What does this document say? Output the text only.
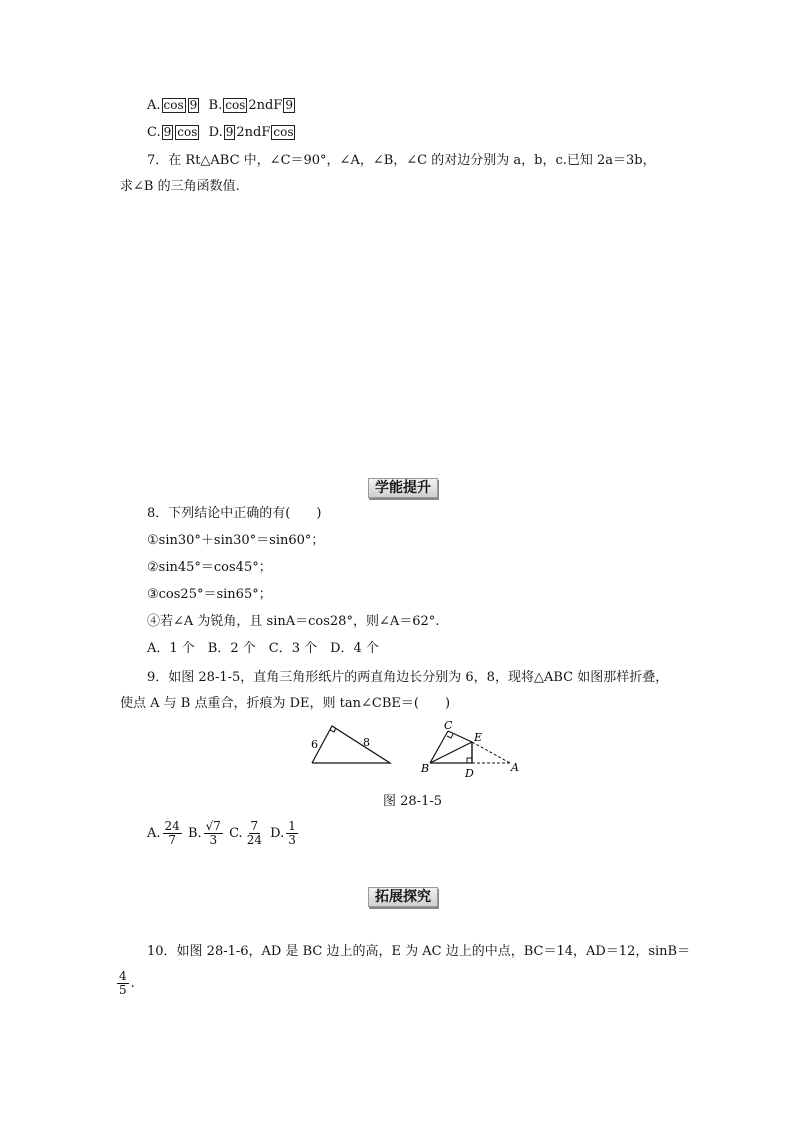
A. cos 9 B. cos 2ndF 9
C. 9 cos D. 9 2ndF cos
7．在 Rt△ABC 中，∠C＝90°，∠A，∠B，∠C 的对边分别为 a，b，c.已知 2a＝3b，
求∠B 的三角函数值.
学能提升
8．下列结论中正确的有(　　)
①sin30°＋sin30°＝sin60°；
②sin45°＝cos45°；
③cos25°＝sin65°；
④若∠A 为锐角，且 sinA＝cos28°，则∠A＝62°.
A．1 个　B．2 个　C．3 个　D．4 个
9．如图 28-1-5，直角三角形纸片的两直角边长分别为 6，8，现将△ABC 如图那样折叠，
使点 A 与 B 点重合，折痕为 DE，则 tan∠CBE＝(　　)
6	8
C
E
B	D	A
图 28-1-5
A. $\frac{24}{7} B$. $\frac{√7}{3} C$. $\frac{7}{24} D$. $\frac{1}{3}$
拓展探究
10．如图 28-1-6，AD 是 BC 边上的高，E 为 AC 边上的中点，BC＝14，AD＝12，sinB＝
$\frac{4}{5}$ .
